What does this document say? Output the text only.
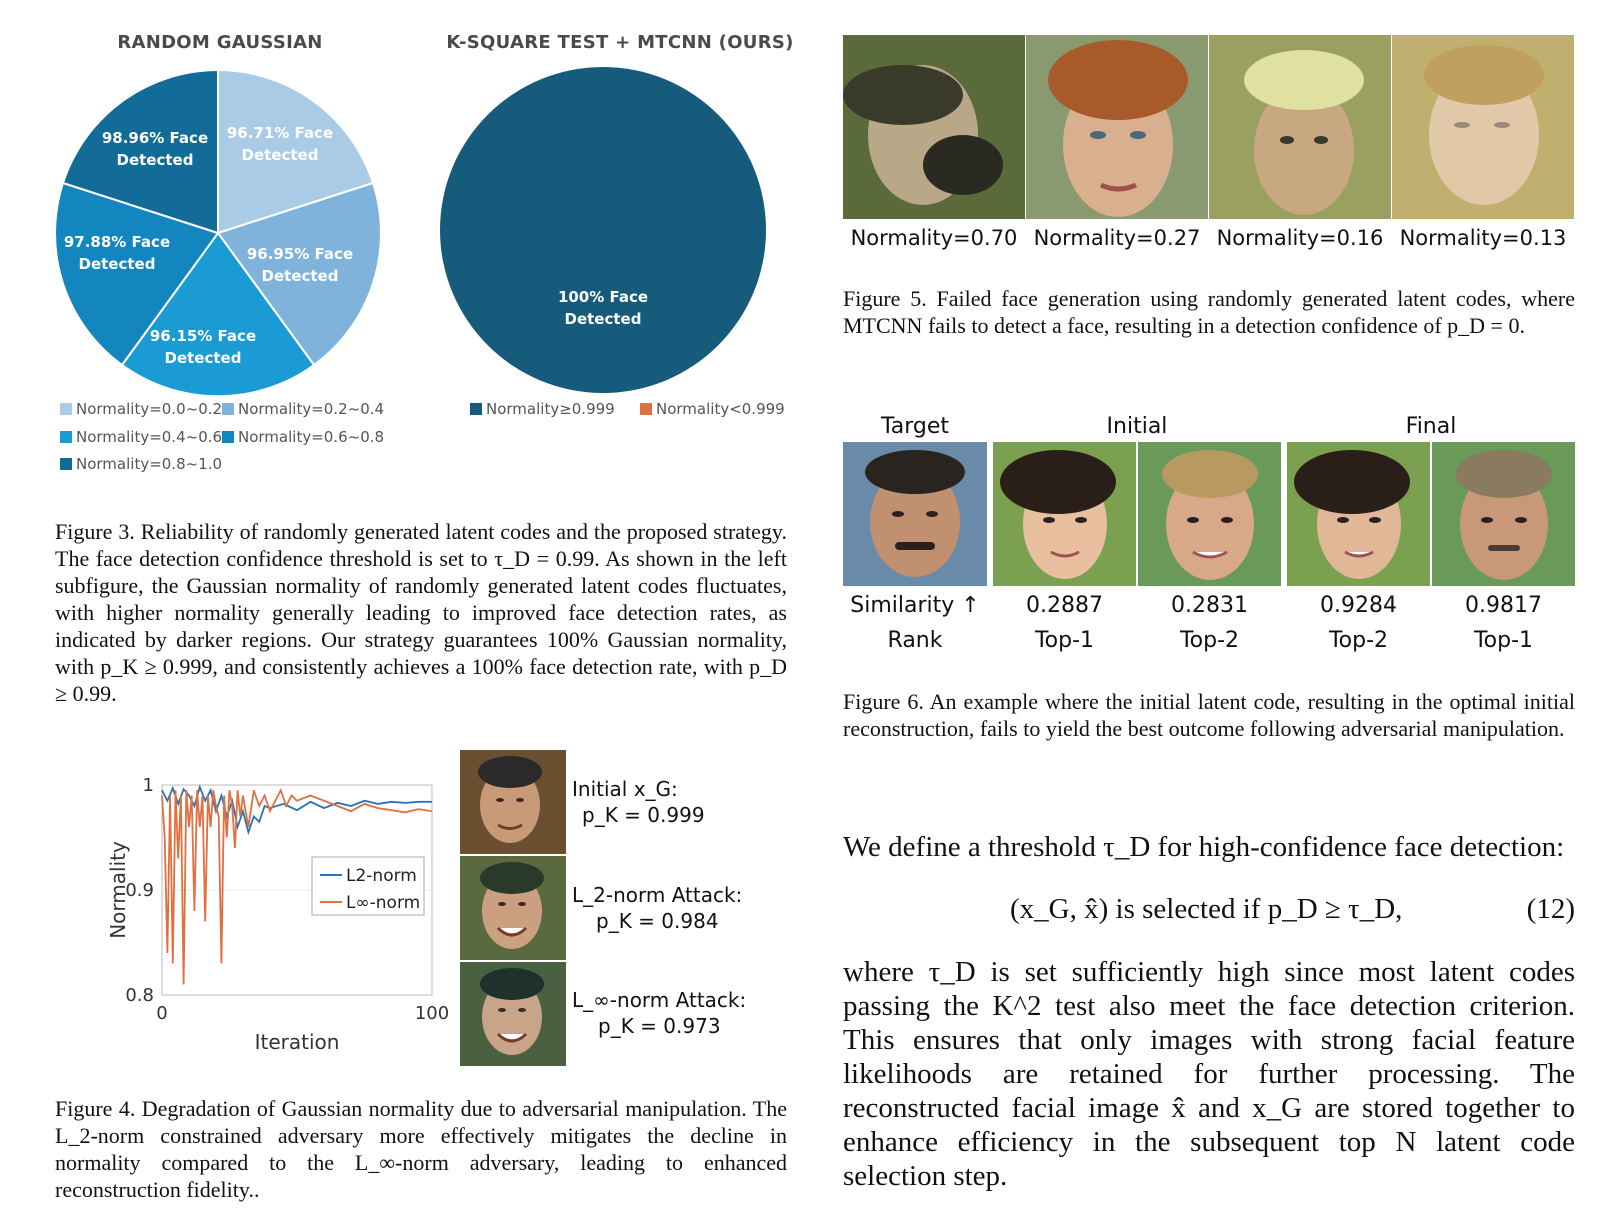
RANDOM GAUSSIAN	K-SQUARE TEST + MTCNN (OURS)
96.71% Face Detected
96.95% Face Detected
96.15% Face Detected
97.88% Face Detected
98.96% Face Detected
100% Face Detected
Normality=0.0~0.2 Normality=0.2~0.4
Normality=0.4~0.6 Normality=0.6~0.8
Normality=0.8~1.0
Normality≥0.999	Normality<0.999
Figure 3. Reliability of randomly generated latent codes and the proposed strategy. The face detection confidence threshold is set to τ_D = 0.99. As shown in the left subfigure, the Gaussian normality of randomly generated latent codes fluctuates, with higher normality generally leading to improved face detection rates, as indicated by darker regions. Our strategy guarantees 100% Gaussian normality, with p_K ≥ 0.999, and consistently achieves a 100% face detection rate, with p_D ≥ 0.99.
0.8
0.9
1
0	100
Iteration
Normality	L2-norm
L∞-norm
Initial x_G:
p_K = 0.999
L_2-norm Attack:
p_K = 0.984
L_∞-norm Attack:
p_K = 0.973
Figure 4. Degradation of Gaussian normality due to adversarial manipulation. The L_2-norm constrained adversary more effectively mitigates the decline in normality compared to the L_∞-norm adversary, leading to enhanced reconstruction fidelity..
Normality=0.70 Normality=0.27 Normality=0.16 Normality=0.13
Figure 5. Failed face generation using randomly generated latent codes, where MTCNN fails to detect a face, resulting in a detection confidence of p_D = 0.
Target	Initial	Final
Similarity ↑	0.2887	0.2831	0.9284	0.9817
Rank	Top-1	Top-2	Top-2	Top-1
Figure 6. An example where the initial latent code, resulting in the optimal initial reconstruction, fails to yield the best outcome following adversarial manipulation.
We define a threshold τ_D for high-confidence face detection:
(x_G, x̂) is selected if p_D ≥ τ_D,	(12)
where τ_D is set sufficiently high since most latent codes passing the K^2 test also meet the face detection criterion. This ensures that only images with strong facial feature likelihoods are retained for further processing. The reconstructed facial image x̂ and x_G are stored together to enhance efficiency in the subsequent top N latent code selection step.
